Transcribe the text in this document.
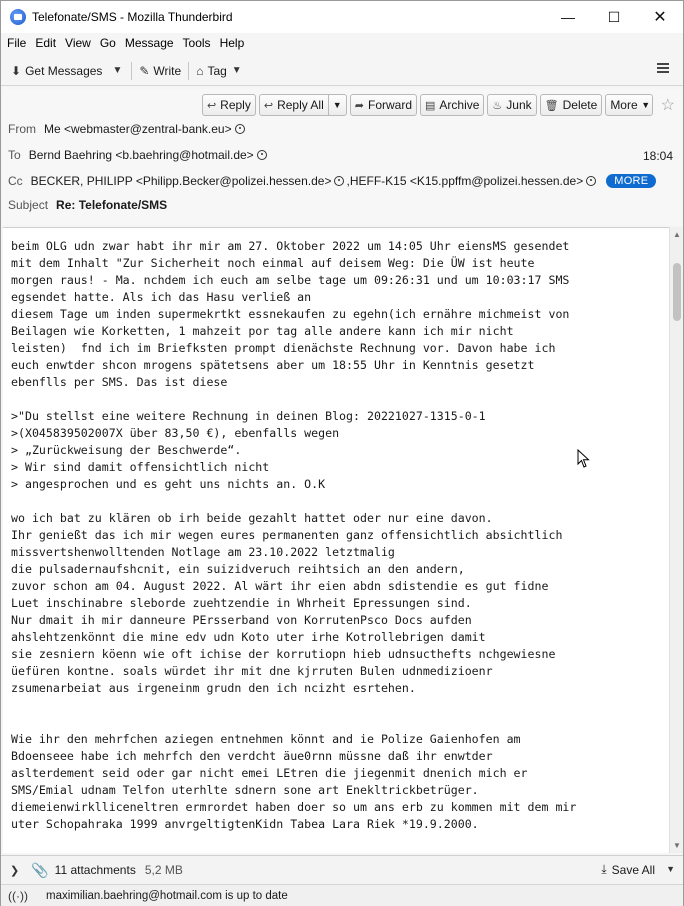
Telefonate/SMS - Mozilla Thunderbird	—	☐	✕
File Edit View Go Message Tools Help
⬇ Get Messages	▼	✎ Write ⌂ Tag ▼
↩ Reply ↩ Reply All	▼	➦ Forward ▤ Archive ♨ Junk 🗑 Delete More ▼ ☆
From Me <webmaster@zentral-bank.eu>
To Bernd Baehring <b.baehring@hotmail.de>	18:04
Cc BECKER, PHILIPP <Philipp.Becker@polizei.hessen.de> , HEFF-K15 <K15.ppffm@polizei.hessen.de>	MORE
Subject Re: Telefonate/SMS
beim OLG udn zwar habt ihr mir am 27. Oktober 2022 um 14:05 Uhr eiensMS gesendet
mit dem Inhalt "Zur Sicherheit noch einmal auf deisem Weg: Die ÜW ist heute
morgen raus! - Ma. nchdem ich euch am selbe tage um 09:26:31 und um 10:03:17 SMS
egsendet hatte. Als ich das Hasu verließ an
diesem Tage um inden supermekrtkt essnekaufen zu egehn(ich ernähre michmeist von
Beilagen wie Korketten, 1 mahzeit por tag alle andere kann ich mir nicht
leisten)  fnd ich im Briefksten prompt dienächste Rechnung vor. Davon habe ich
euch enwtder shcon mrogens spätetsens aber um 18:55 Uhr in Kenntnis gesetzt
ebenflls per SMS. Das ist diese

>"Du stellst eine weitere Rechnung in deinen Blog: 20221027-1315-0-1
>(X045839502007X über 83,50 €), ebenfalls wegen
> „Zurückweisung der Beschwerde“.
> Wir sind damit offensichtlich nicht
> angesprochen und es geht uns nichts an. O.K

wo ich bat zu klären ob irh beide gezahlt hattet oder nur eine davon.
Ihr genießt das ich mir wegen eures permanenten ganz offensichtlich absichtlich
missvertshenwolltenden Notlage am 23.10.2022 letztmalig
die pulsadernaufshcnit, ein suizidveruch reihtsich an den andern,
zuvor schon am 04. August 2022. Al wärt ihr eien abdn sdistendie es gut fidne
Luet inschinabre sleborde zuehtzendie in Whrheit Epressungen sind.
Nur dmait ih mir danneure PErsserband von KorrutenPsco Docs aufden
ahslehtzenkönnt die mine edv udn Koto uter irhe Kotrollebrigen damit
sie zesniern köenn wie oft ichise der korrutiopn hieb udnsucthefts nchgewiesne
üefüren kontne. soals würdet ihr mit dne kjrruten Bulen udnmedizioenr
zsumenarbeiat aus irgeneinm grudn den ich ncizht esrtehen.

Wie ihr den mehrfchen aziegen entnehmen könnt and ie Polize Gaienhofen am
Bdoenseee habe ich mehrfch den verdcht äue0rnn müssne daß ihr enwtder
aslterdement seid oder gar nicht emei LEtren die jiegenmit dnenich mich er
SMS/Emial udnam Telfon uterhlte sdnern sone art Enekltrickbetrüger.
diemeienwirklliceneltren ermrordet haben doer so um ans erb zu kommen mit dem mir
uter Schopahraka 1999 anvrgeltigtenKidn Tabea Lara Riek *19.9.2000.
▲
▼
❯ 📎 11 attachments 5,2 MB	⤓ Save All ▼
((·)) maximilian.baehring@hotmail.com is up to date
